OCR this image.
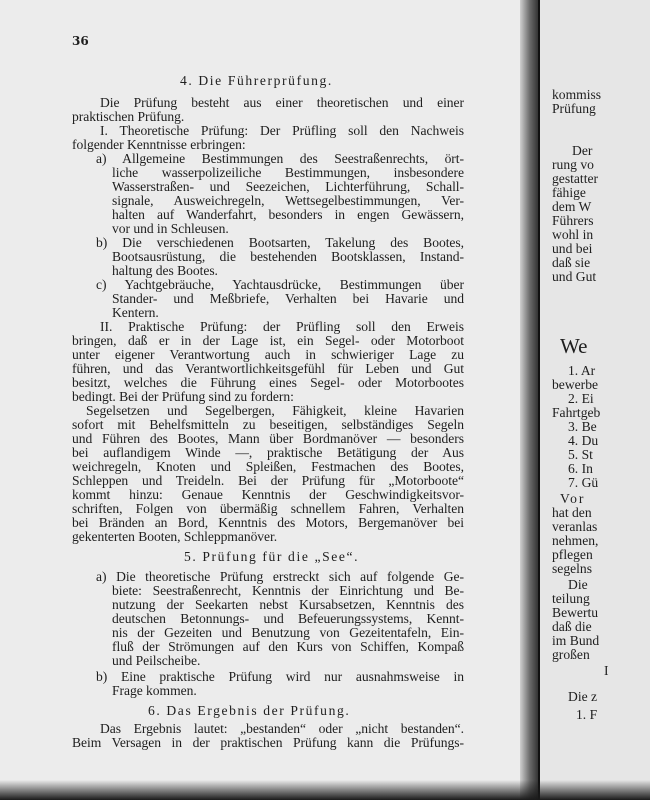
36
4. Die Führerprüfung.
Die Prüfung besteht aus einer theoretischen und einer
praktischen Prüfung.
I. Theoretische Prüfung: Der Prüfling soll den Nachweis
folgender Kenntnisse erbringen:
a) Allgemeine Bestimmungen des Seestraßenrechts, ört-
liche wasserpolizeiliche Bestimmungen, insbesondere
Wasserstraßen- und Seezeichen, Lichterführung, Schall-
signale, Ausweichregeln, Wettsegelbestimmungen, Ver-
halten auf Wanderfahrt, besonders in engen Gewässern,
vor und in Schleusen.
b) Die verschiedenen Bootsarten, Takelung des Bootes,
Bootsausrüstung, die bestehenden Bootsklassen, Instand-
haltung des Bootes.
c) Yachtgebräuche, Yachtausdrücke, Bestimmungen über
Stander- und Meßbriefe, Verhalten bei Havarie und
Kentern.
II. Praktische Prüfung: der Prüfling soll den Erweis
bringen, daß er in der Lage ist, ein Segel- oder Motorboot
unter eigener Verantwortung auch in schwieriger Lage zu
führen, und das Verantwortlichkeitsgefühl für Leben und Gut
besitzt, welches die Führung eines Segel- oder Motorbootes
bedingt. Bei der Prüfung sind zu fordern:
Segelsetzen und Segelbergen, Fähigkeit, kleine Havarien
sofort mit Behelfsmitteln zu beseitigen, selbständiges Segeln
und Führen des Bootes, Mann über Bordmanöver — besonders
bei auflandigem Winde —, praktische Betätigung der Aus
weichregeln, Knoten und Spleißen, Festmachen des Bootes,
Schleppen und Treideln. Bei der Prüfung für „Motorboote“
kommt hinzu: Genaue Kenntnis der Geschwindigkeitsvor-
schriften, Folgen von übermäßig schnellem Fahren, Verhalten
bei Bränden an Bord, Kenntnis des Motors, Bergemanöver bei
gekenterten Booten, Schleppmanöver.
5. Prüfung für die „See“.
a) Die theoretische Prüfung erstreckt sich auf folgende Ge-
biete: Seestraßenrecht, Kenntnis der Einrichtung und Be-
nutzung der Seekarten nebst Kursabsetzen, Kenntnis des
deutschen Betonnungs- und Befeuerungssystems, Kennt-
nis der Gezeiten und Benutzung von Gezeitentafeln, Ein-
fluß der Strömungen auf den Kurs von Schiffen, Kompaß
und Peilscheibe.
b) Eine praktische Prüfung wird nur ausnahmsweise in
Frage kommen.
6. Das Ergebnis der Prüfung.
Das Ergebnis lautet: „bestanden“ oder „nicht bestanden“.
Beim Versagen in der praktischen Prüfung kann die Prüfungs-
kommiss
Prüfung
Der
rung vo
gestatter
fähige
dem W
Führers
wohl in
und bei
daß sie
und Gut
We
1. Ar
bewerbe
2. Ei
Fahrtgeb
3. Be
4. Du
5. St
6. In
7. Gü
Vor
hat den
veranlas
nehmen,
pflegen
segelns
Die
teilung
Bewertu
daß die
im Bund
großen
I
Die z
1. F
